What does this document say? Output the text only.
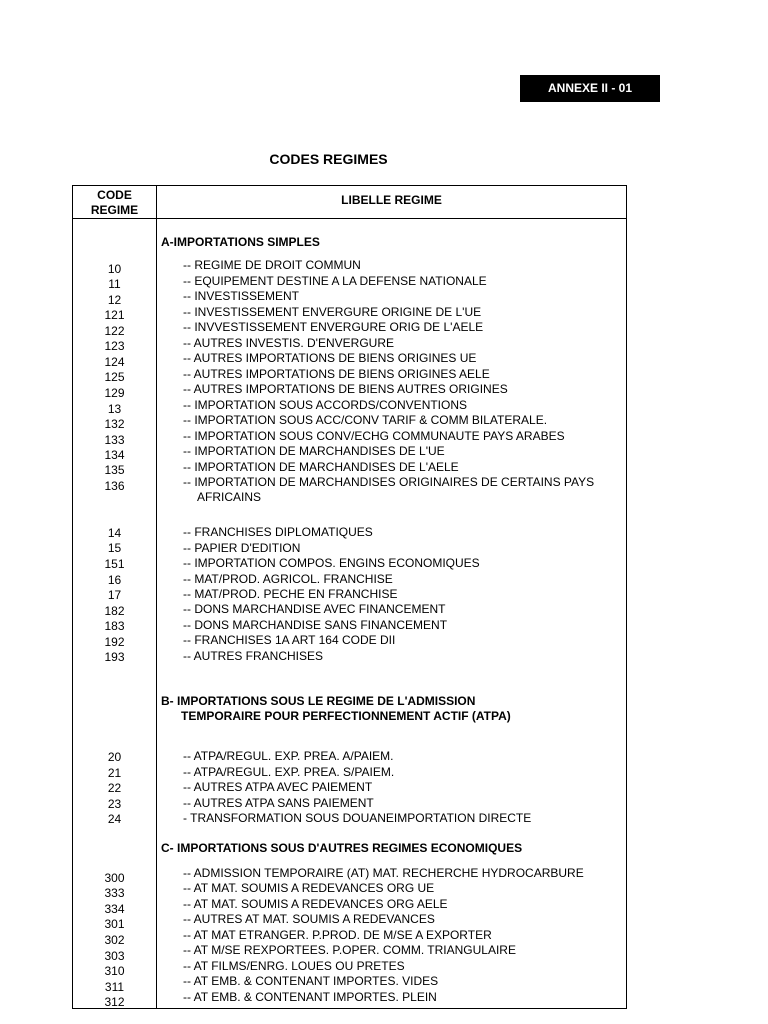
ANNEXE II - 01
CODES REGIMES
CODE
REGIME
LIBELLE REGIME
A-IMPORTATIONS SIMPLES
B- IMPORTATIONS SOUS LE REGIME DE L'ADMISSION
TEMPORAIRE POUR PERFECTIONNEMENT ACTIF (ATPA)
C- IMPORTATIONS SOUS D'AUTRES REGIMES ECONOMIQUES
10	-- REGIME DE DROIT COMMUN
11	-- EQUIPEMENT DESTINE A LA DEFENSE NATIONALE
12	-- INVESTISSEMENT
121	-- INVESTISSEMENT ENVERGURE ORIGINE DE L'UE
122	-- INVVESTISSEMENT ENVERGURE ORIG DE L'AELE
123	-- AUTRES INVESTIS. D'ENVERGURE
124	-- AUTRES IMPORTATIONS DE BIENS ORIGINES UE
125	-- AUTRES IMPORTATIONS DE BIENS ORIGINES AELE
129	-- AUTRES IMPORTATIONS DE BIENS AUTRES ORIGINES
13	-- IMPORTATION SOUS ACCORDS/CONVENTIONS
132	-- IMPORTATION SOUS ACC/CONV TARIF & COMM BILATERALE.
133	-- IMPORTATION SOUS CONV/ECHG COMMUNAUTE PAYS ARABES
134	-- IMPORTATION DE MARCHANDISES DE L'UE
135	-- IMPORTATION DE MARCHANDISES DE L'AELE
136	-- IMPORTATION DE MARCHANDISES ORIGINAIRES DE CERTAINS PAYS
AFRICAINS
14	-- FRANCHISES DIPLOMATIQUES
15	-- PAPIER D'EDITION
151	-- IMPORTATION COMPOS. ENGINS ECONOMIQUES
16	-- MAT/PROD. AGRICOL. FRANCHISE
17	-- MAT/PROD. PECHE EN FRANCHISE
182	-- DONS MARCHANDISE AVEC FINANCEMENT
183	-- DONS MARCHANDISE SANS FINANCEMENT
192	-- FRANCHISES 1A ART 164 CODE DII
193	-- AUTRES FRANCHISES
20	-- ATPA/REGUL. EXP. PREA. A/PAIEM.
21	-- ATPA/REGUL. EXP. PREA. S/PAIEM.
22	-- AUTRES ATPA AVEC PAIEMENT
23	-- AUTRES ATPA SANS PAIEMENT
24	- TRANSFORMATION SOUS DOUANEIMPORTATION DIRECTE
300	-- ADMISSION TEMPORAIRE (AT) MAT. RECHERCHE HYDROCARBURE
333	-- AT MAT. SOUMIS A REDEVANCES ORG UE
334	-- AT MAT. SOUMIS A REDEVANCES ORG AELE
301	-- AUTRES AT MAT. SOUMIS A REDEVANCES
302	-- AT MAT ETRANGER. P.PROD. DE M/SE A EXPORTER
303	-- AT M/SE REXPORTEES. P.OPER. COMM. TRIANGULAIRE
310	-- AT FILMS/ENRG. LOUES OU PRETES
311	-- AT EMB. & CONTENANT IMPORTES. VIDES
312	-- AT EMB. & CONTENANT IMPORTES. PLEIN
